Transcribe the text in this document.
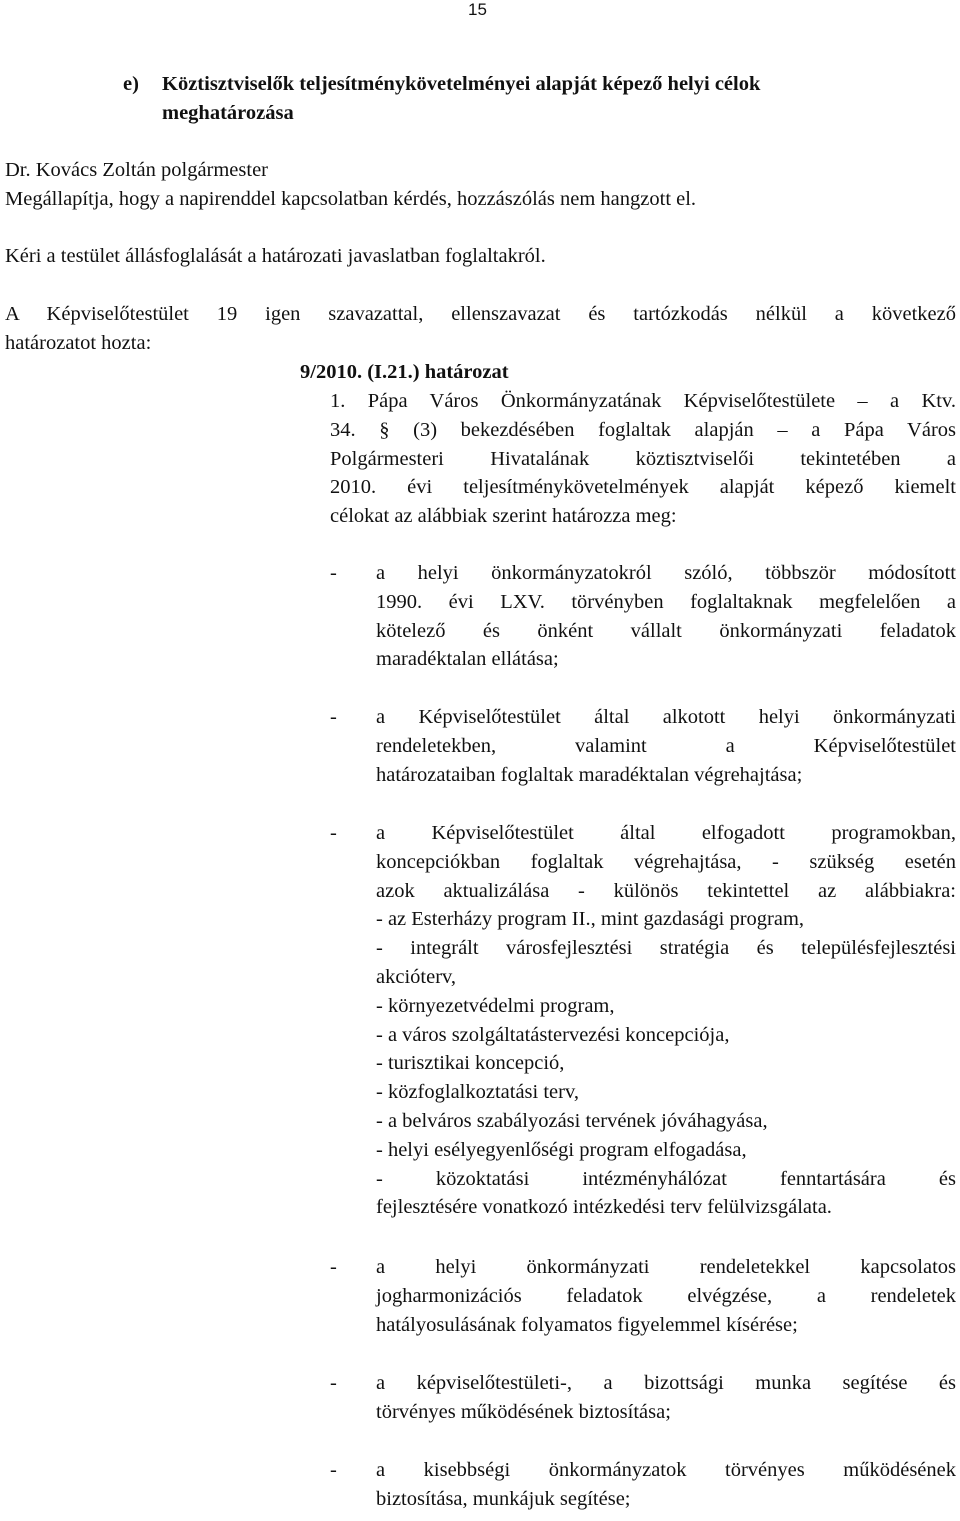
15
e) Köztisztviselők teljesítménykövetelményei alapját képező helyi célok
meghatározása
Dr. Kovács Zoltán polgármester
Megállapítja, hogy a napirenddel kapcsolatban kérdés, hozzászólás nem hangzott el.
Kéri a testület állásfoglalását a határozati javaslatban foglaltakról.
A Képviselőtestület 19 igen szavazattal, ellenszavazat és tartózkodás nélkül a következő
határozatot hozta:
9/2010. (I.21.) határozat
1. Pápa Város Önkormányzatának Képviselőtestülete – a Ktv.
34. § (3) bekezdésében foglaltak alapján – a Pápa Város
Polgármesteri Hivatalának köztisztviselői tekintetében a
2010. évi teljesítménykövetelmények alapját képező kiemelt
célokat az alábbiak szerint határozza meg:
- a helyi önkormányzatokról szóló, többször módosított
1990. évi LXV. törvényben foglaltaknak megfelelően a
kötelező és önként vállalt önkormányzati feladatok
maradéktalan ellátása;
- a Képviselőtestület által alkotott helyi önkormányzati
rendeletekben, valamint a Képviselőtestület
határozataiban foglaltak maradéktalan végrehajtása;
- a Képviselőtestület által elfogadott programokban,
koncepciókban foglaltak végrehajtása, - szükség esetén
azok aktualizálása - különös tekintettel az alábbiakra:
- az Esterházy program II., mint gazdasági program,
- integrált városfejlesztési stratégia és településfejlesztési
akcióterv,
- környezetvédelmi program,
- a város szolgáltatástervezési koncepciója,
- turisztikai koncepció,
- közfoglalkoztatási terv,
- a belváros szabályozási tervének jóváhagyása,
- helyi esélyegyenlőségi program elfogadása,
- közoktatási intézményhálózat fenntartására és
fejlesztésére vonatkozó intézkedési terv felülvizsgálata.
- a helyi önkormányzati rendeletekkel kapcsolatos
jogharmonizációs feladatok elvégzése, a rendeletek
hatályosulásának folyamatos figyelemmel kísérése;
- a képviselőtestületi-, a bizottsági munka segítése és
törvényes működésének biztosítása;
- a kisebbségi önkormányzatok törvényes működésének
biztosítása, munkájuk segítése;
